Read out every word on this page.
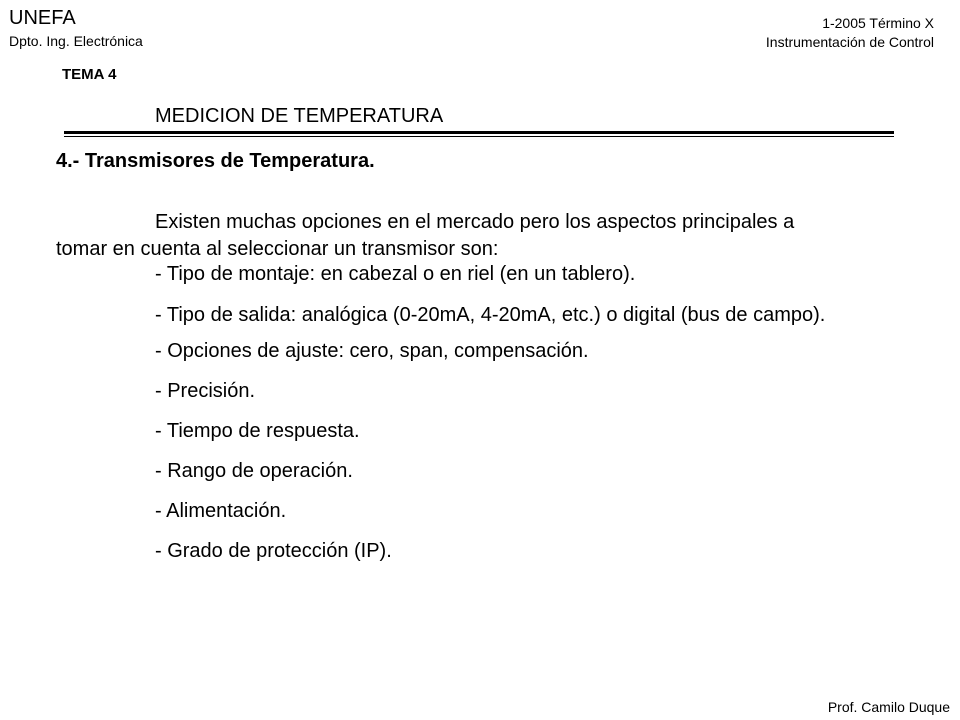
UNEFA
Dpto. Ing. Electrónica
1-2005 Término X
Instrumentación de Control
TEMA 4
MEDICION DE TEMPERATURA
4.- Transmisores de Temperatura.

Existen muchas opciones en el mercado pero los aspectos principales a tomar en cuenta al seleccionar un transmisor son:

- Tipo de montaje: en cabezal o en riel (en un tablero).
- Tipo de salida: analógica (0-20mA, 4-20mA, etc.) o digital (bus de campo).
- Opciones de ajuste: cero, span, compensación.
- Precisión.
- Tiempo de respuesta.
- Rango de operación.
- Alimentación.
- Grado de protección (IP).
Prof. Camilo Duque
